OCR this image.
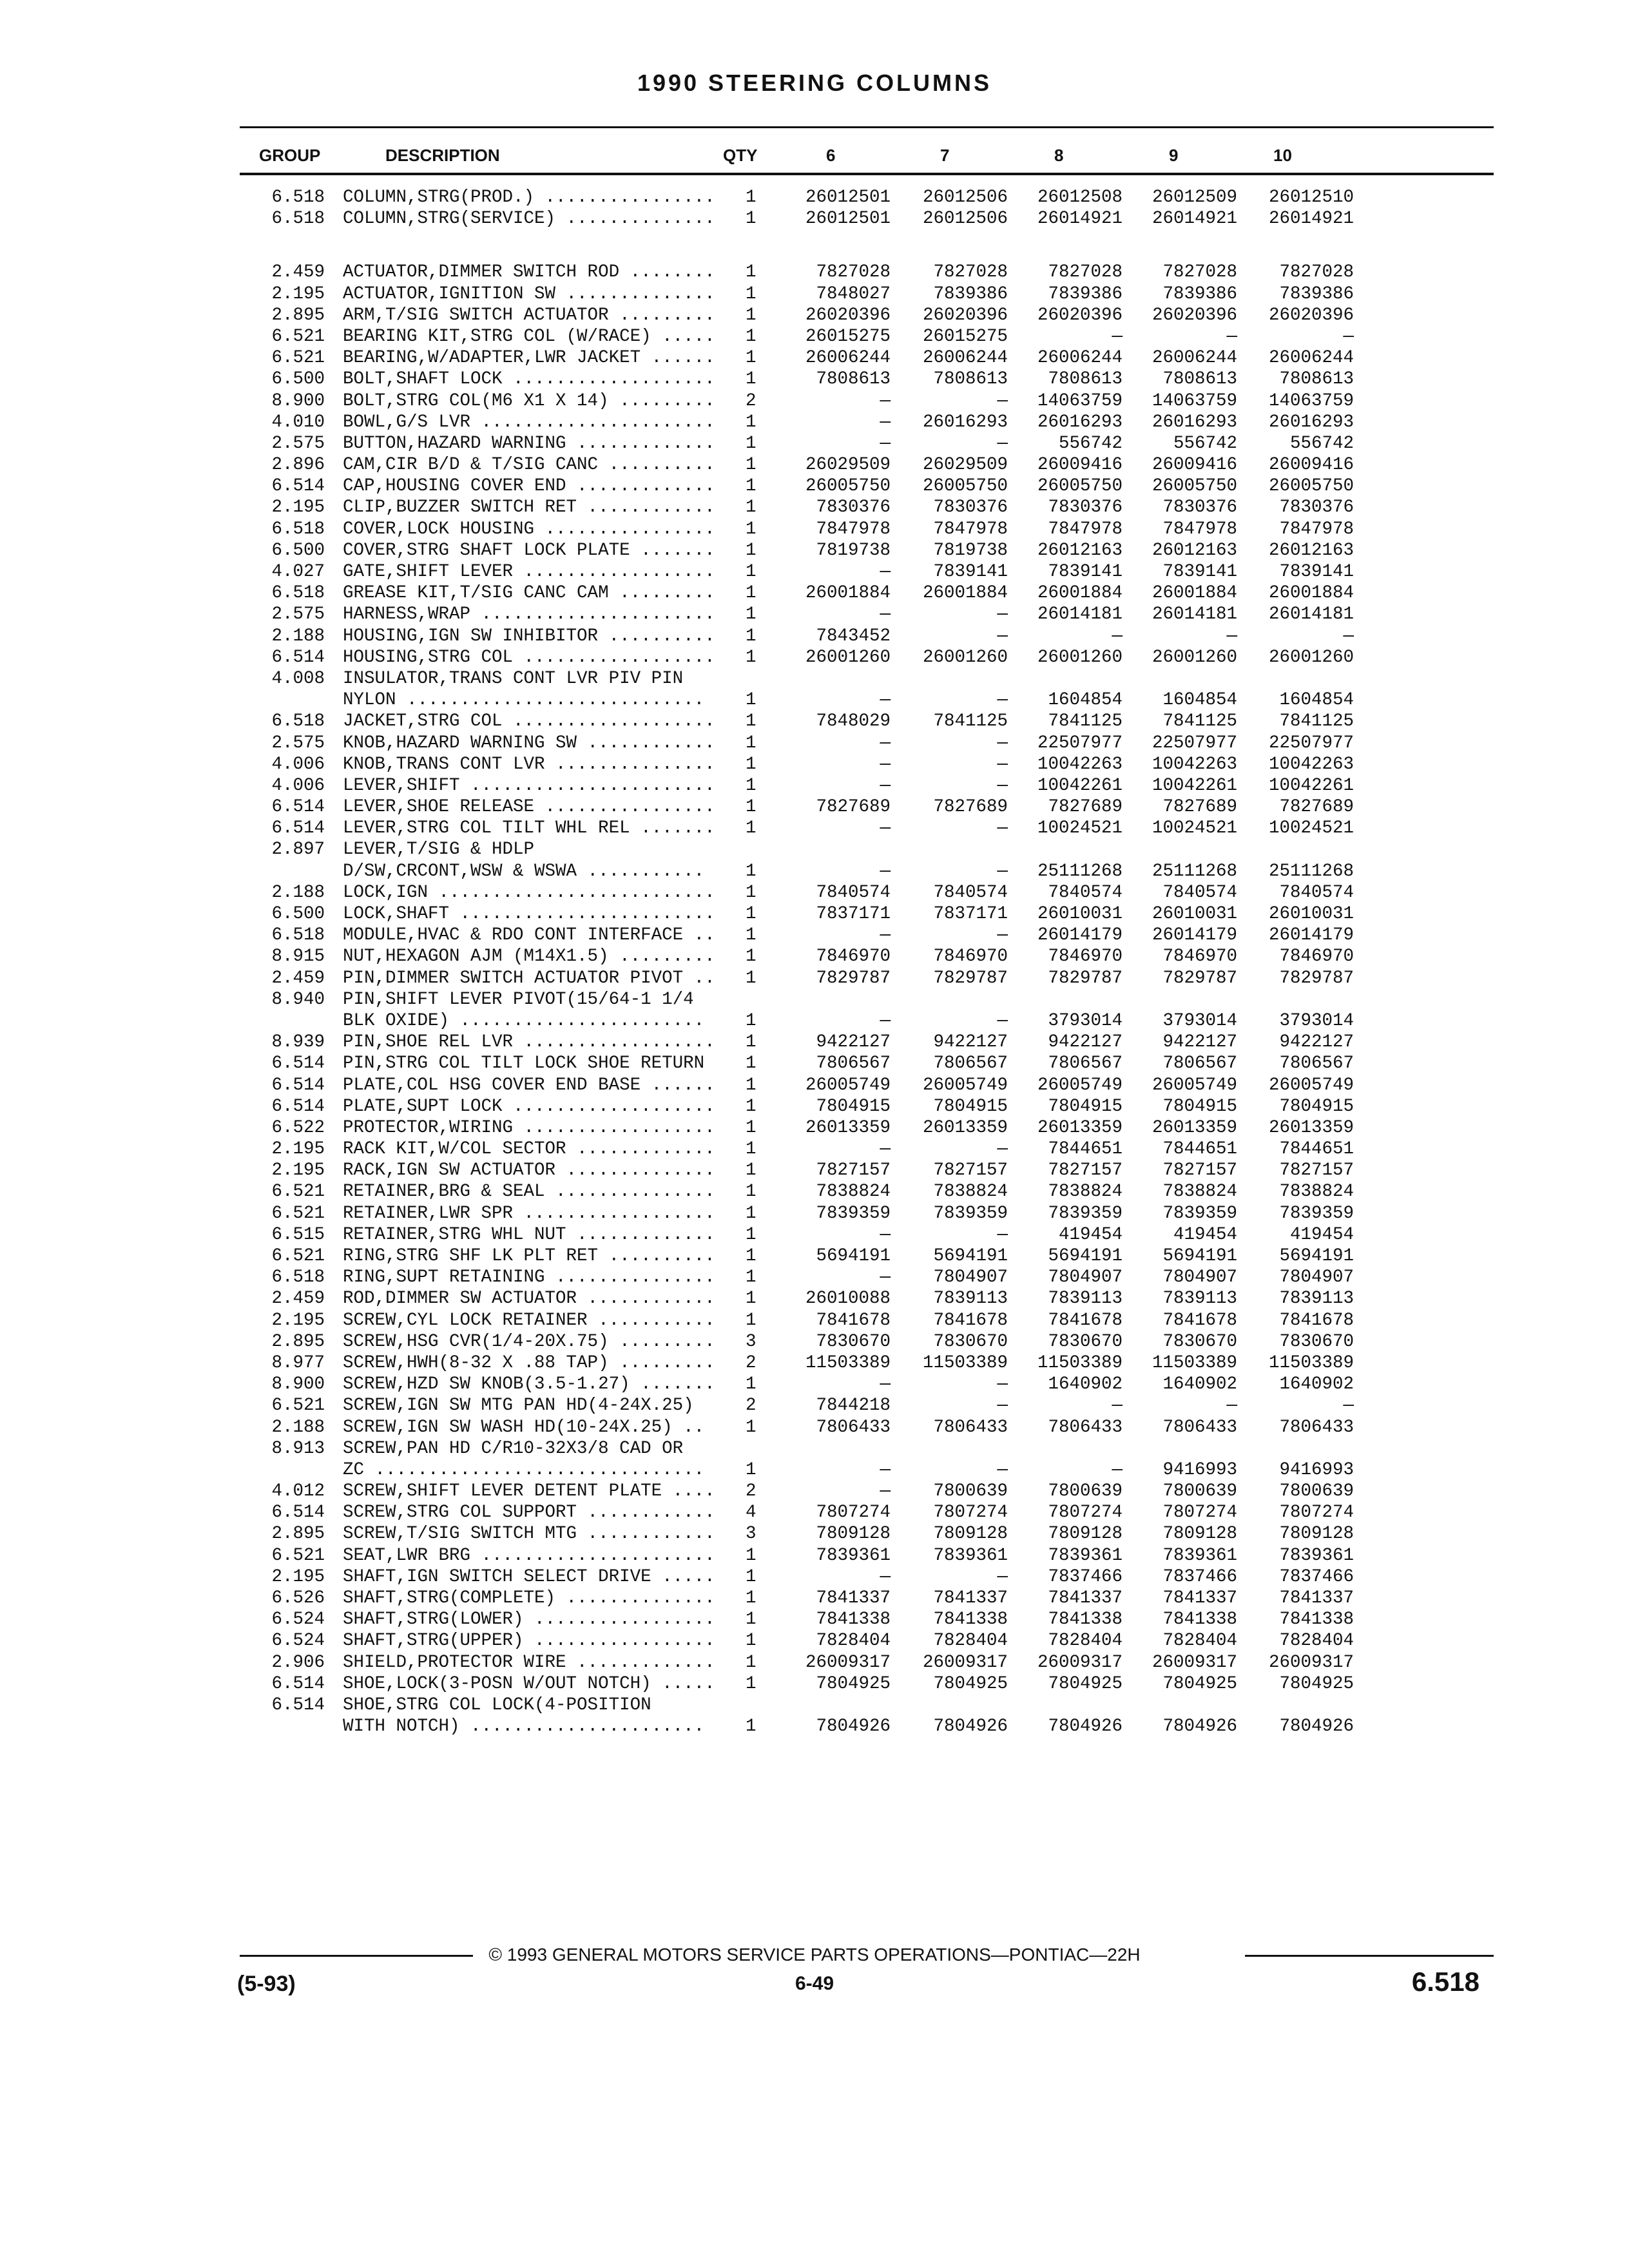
1990 STEERING COLUMNS
GROUP	DESCRIPTION	QTY	6	7	8	9	10
6.518 COLUMN,STRG(PROD.) ................ 1	26012501 26012506 26012508 26012509 26012510
6.518 COLUMN,STRG(SERVICE) .............. 1	26012501 26012506 26014921 26014921 26014921
2.459 ACTUATOR,DIMMER SWITCH ROD ........ 1	7827028 7827028 7827028 7827028 7827028
2.195 ACTUATOR,IGNITION SW .............. 1	7848027 7839386 7839386 7839386 7839386
2.895 ARM,T/SIG SWITCH ACTUATOR ......... 1	26020396 26020396 26020396 26020396 26020396
6.521 BEARING KIT,STRG COL (W/RACE) ..... 1	26015275 26015275	—	—	—
6.521 BEARING,W/ADAPTER,LWR JACKET ...... 1	26006244 26006244 26006244 26006244 26006244
6.500 BOLT,SHAFT LOCK ................... 1	7808613 7808613 7808613 7808613 7808613
8.900 BOLT,STRG COL(M6 X1 X 14) ......... 2	—	— 14063759 14063759 14063759
4.010 BOWL,G/S LVR ...................... 1	— 26016293 26016293 26016293 26016293
2.575 BUTTON,HAZARD WARNING ............. 1	—	—	556742	556742	556742
2.896 CAM,CIR B/D & T/SIG CANC .......... 1	26029509 26029509 26009416 26009416 26009416
6.514 CAP,HOUSING COVER END ............. 1	26005750 26005750 26005750 26005750 26005750
2.195 CLIP,BUZZER SWITCH RET ............ 1	7830376 7830376 7830376 7830376 7830376
6.518 COVER,LOCK HOUSING ................ 1	7847978 7847978 7847978 7847978 7847978
6.500 COVER,STRG SHAFT LOCK PLATE ....... 1	7819738 7819738 26012163 26012163 26012163
4.027 GATE,SHIFT LEVER .................. 1	— 7839141 7839141 7839141 7839141
6.518 GREASE KIT,T/SIG CANC CAM ......... 1	26001884 26001884 26001884 26001884 26001884
2.575 HARNESS,WRAP ...................... 1	—	— 26014181 26014181 26014181
2.188 HOUSING,IGN SW INHIBITOR .......... 1	7843452	—	—	—	—
6.514 HOUSING,STRG COL .................. 1	26001260 26001260 26001260 26001260 26001260
4.008 INSULATOR,TRANS CONT LVR PIV PIN
NYLON ............................ 1	—	— 1604854 1604854 1604854
6.518 JACKET,STRG COL ................... 1	7848029 7841125 7841125 7841125 7841125
2.575 KNOB,HAZARD WARNING SW ............ 1	—	— 22507977 22507977 22507977
4.006 KNOB,TRANS CONT LVR ............... 1	—	— 10042263 10042263 10042263
4.006 LEVER,SHIFT ....................... 1	—	— 10042261 10042261 10042261
6.514 LEVER,SHOE RELEASE ................ 1	7827689 7827689 7827689 7827689 7827689
6.514 LEVER,STRG COL TILT WHL REL ....... 1	—	— 10024521 10024521 10024521
2.897 LEVER,T/SIG & HDLP
D/SW,CRCONT,WSW & WSWA ........... 1	—	— 25111268 25111268 25111268
2.188 LOCK,IGN .......................... 1	7840574 7840574 7840574 7840574 7840574
6.500 LOCK,SHAFT ........................ 1	7837171 7837171 26010031 26010031 26010031
6.518 MODULE,HVAC & RDO CONT INTERFACE .. 1	—	— 26014179 26014179 26014179
8.915 NUT,HEXAGON AJM (M14X1.5) ......... 1	7846970 7846970 7846970 7846970 7846970
2.459 PIN,DIMMER SWITCH ACTUATOR PIVOT .. 1	7829787 7829787 7829787 7829787 7829787
8.940 PIN,SHIFT LEVER PIVOT(15/64-1 1/4
BLK OXIDE) ....................... 1	—	— 3793014 3793014 3793014
8.939 PIN,SHOE REL LVR .................. 1	9422127 9422127 9422127 9422127 9422127
6.514 PIN,STRG COL TILT LOCK SHOE RETURN 1	7806567 7806567 7806567 7806567 7806567
6.514 PLATE,COL HSG COVER END BASE ...... 1	26005749 26005749 26005749 26005749 26005749
6.514 PLATE,SUPT LOCK ................... 1	7804915 7804915 7804915 7804915 7804915
6.522 PROTECTOR,WIRING .................. 1	26013359 26013359 26013359 26013359 26013359
2.195 RACK KIT,W/COL SECTOR ............. 1	—	— 7844651 7844651 7844651
2.195 RACK,IGN SW ACTUATOR .............. 1	7827157 7827157 7827157 7827157 7827157
6.521 RETAINER,BRG & SEAL ............... 1	7838824 7838824 7838824 7838824 7838824
6.521 RETAINER,LWR SPR .................. 1	7839359 7839359 7839359 7839359 7839359
6.515 RETAINER,STRG WHL NUT ............. 1	—	—	419454	419454	419454
6.521 RING,STRG SHF LK PLT RET .......... 1	5694191 5694191 5694191 5694191 5694191
6.518 RING,SUPT RETAINING ............... 1	— 7804907 7804907 7804907 7804907
2.459 ROD,DIMMER SW ACTUATOR ............ 1	26010088 7839113 7839113 7839113 7839113
2.195 SCREW,CYL LOCK RETAINER ........... 1	7841678 7841678 7841678 7841678 7841678
2.895 SCREW,HSG CVR(1/4-20X.75) ......... 3	7830670 7830670 7830670 7830670 7830670
8.977 SCREW,HWH(8-32 X .88 TAP) ......... 2	11503389 11503389 11503389 11503389 11503389
8.900 SCREW,HZD SW KNOB(3.5-1.27) ....... 1	—	— 1640902 1640902 1640902
6.521 SCREW,IGN SW MTG PAN HD(4-24X.25)	2	7844218	—	—	—	—
2.188 SCREW,IGN SW WASH HD(10-24X.25) .. 1	7806433 7806433 7806433 7806433 7806433
8.913 SCREW,PAN HD C/R10-32X3/8 CAD OR
ZC ............................... 1	—	—	— 9416993 9416993
4.012 SCREW,SHIFT LEVER DETENT PLATE .... 2	— 7800639 7800639 7800639 7800639
6.514 SCREW,STRG COL SUPPORT ............ 4	7807274 7807274 7807274 7807274 7807274
2.895 SCREW,T/SIG SWITCH MTG ............ 3	7809128 7809128 7809128 7809128 7809128
6.521 SEAT,LWR BRG ...................... 1	7839361 7839361 7839361 7839361 7839361
2.195 SHAFT,IGN SWITCH SELECT DRIVE ..... 1	—	— 7837466 7837466 7837466
6.526 SHAFT,STRG(COMPLETE) .............. 1	7841337 7841337 7841337 7841337 7841337
6.524 SHAFT,STRG(LOWER) ................. 1	7841338 7841338 7841338 7841338 7841338
6.524 SHAFT,STRG(UPPER) ................. 1	7828404 7828404 7828404 7828404 7828404
2.906 SHIELD,PROTECTOR WIRE ............. 1	26009317 26009317 26009317 26009317 26009317
6.514 SHOE,LOCK(3-POSN W/OUT NOTCH) ..... 1	7804925 7804925 7804925 7804925 7804925
6.514 SHOE,STRG COL LOCK(4-POSITION
WITH NOTCH) ...................... 1	7804926 7804926 7804926 7804926 7804926
© 1993 GENERAL MOTORS SERVICE PARTS OPERATIONS—PONTIAC—22H
(5-93)	6-49	6.518
